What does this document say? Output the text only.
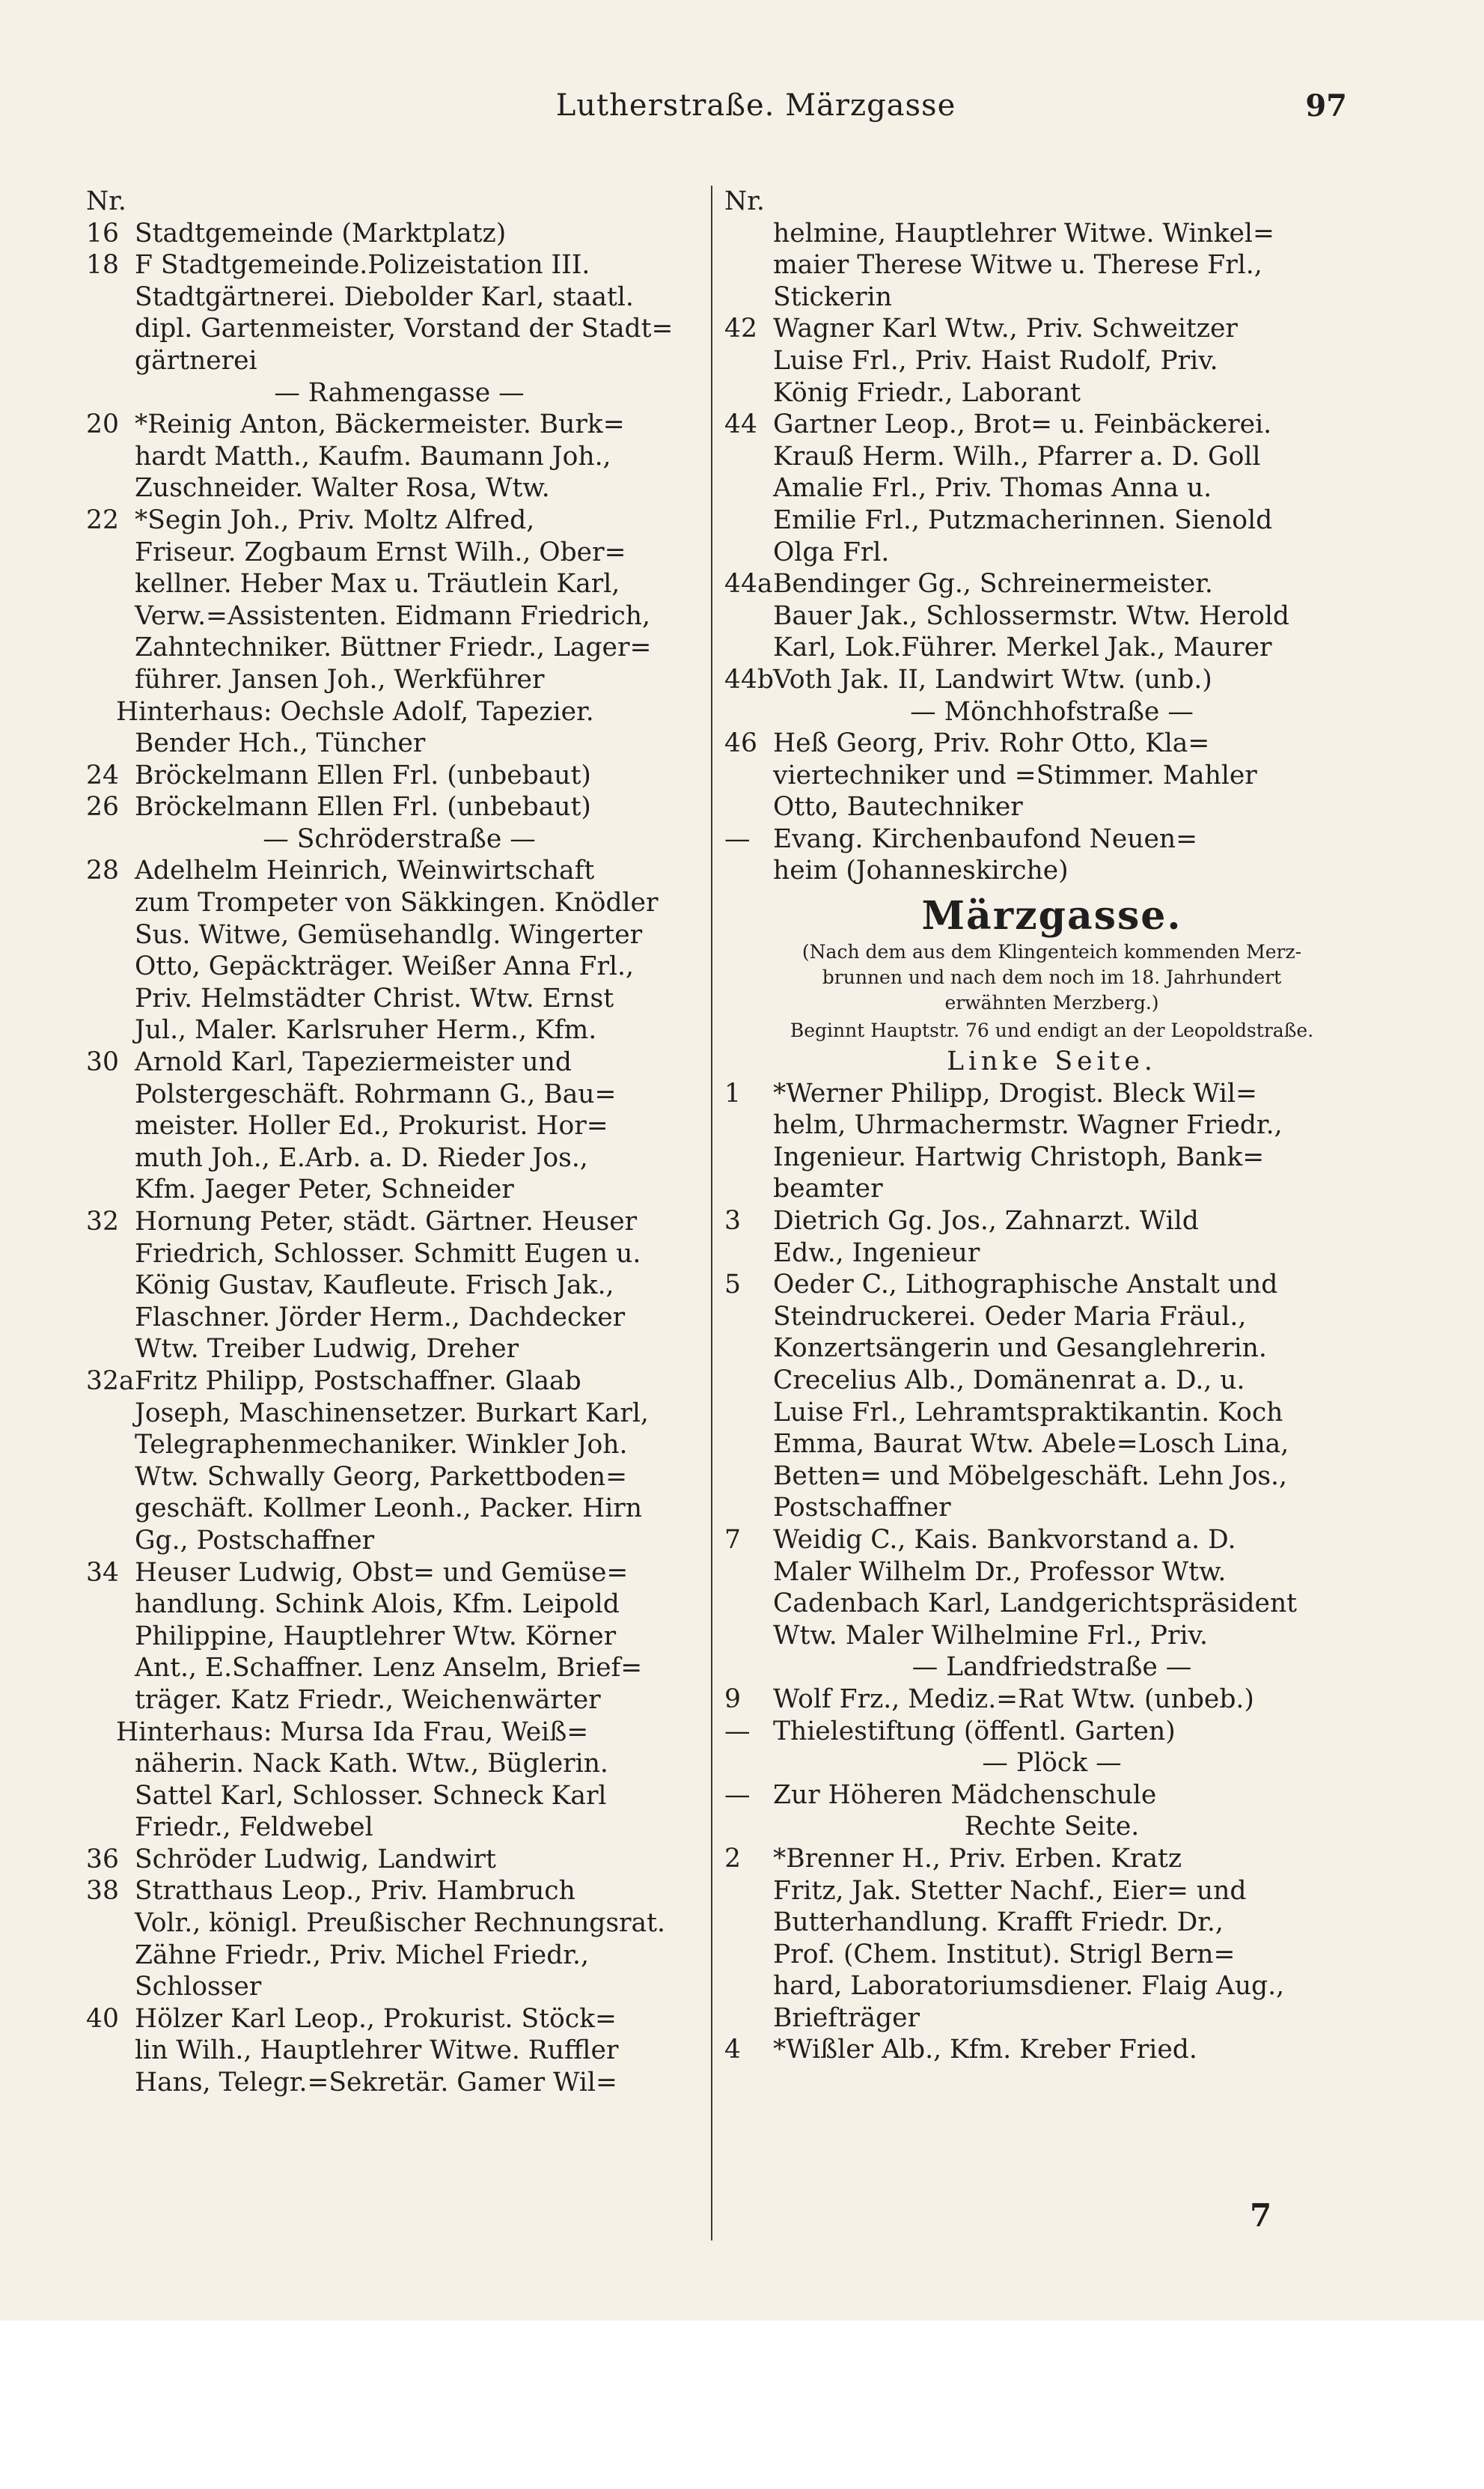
Lutherstraße. Märzgasse	97
Nr.
16 Stadtgemeinde (Marktplatz)
18 F Stadtgemeinde.Polizeistation III.
Stadtgärtnerei. Diebolder Karl, staatl.
dipl. Gartenmeister, Vorstand der Stadt=
gärtnerei
— Rahmengasse —
20 *Reinig Anton, Bäckermeister. Burk=
hardt Matth., Kaufm. Baumann Joh.,
Zuschneider. Walter Rosa, Wtw.
22 *Segin Joh., Priv. Moltz Alfred,
Friseur. Zogbaum Ernst Wilh., Ober=
kellner. Heber Max u. Träutlein Karl,
Verw.=Assistenten. Eidmann Friedrich,
Zahntechniker. Büttner Friedr., Lager=
führer. Jansen Joh., Werkführer
Hinterhaus: Oechsle Adolf, Tapezier.
Bender Hch., Tüncher
24 Bröckelmann Ellen Frl. (unbebaut)
26 Bröckelmann Ellen Frl. (unbebaut)
— Schröderstraße —
28 Adelhelm Heinrich, Weinwirtschaft
zum Trompeter von Säkkingen. Knödler
Sus. Witwe, Gemüsehandlg. Wingerter
Otto, Gepäckträger. Weißer Anna Frl.,
Priv. Helmstädter Christ. Wtw. Ernst
Jul., Maler. Karlsruher Herm., Kfm.
30 Arnold Karl, Tapeziermeister und
Polstergeschäft. Rohrmann G., Bau=
meister. Holler Ed., Prokurist. Hor=
muth Joh., E.Arb. a. D. Rieder Jos.,
Kfm. Jaeger Peter, Schneider
32 Hornung Peter, städt. Gärtner. Heuser
Friedrich, Schlosser. Schmitt Eugen u.
König Gustav, Kaufleute. Frisch Jak.,
Flaschner. Jörder Herm., Dachdecker
Wtw. Treiber Ludwig, Dreher
32aFritz Philipp, Postschaffner. Glaab
Joseph, Maschinensetzer. Burkart Karl,
Telegraphenmechaniker. Winkler Joh.
Wtw. Schwally Georg, Parkettboden=
geschäft. Kollmer Leonh., Packer. Hirn
Gg., Postschaffner
34 Heuser Ludwig, Obst= und Gemüse=
handlung. Schink Alois, Kfm. Leipold
Philippine, Hauptlehrer Wtw. Körner
Ant., E.Schaffner. Lenz Anselm, Brief=
träger. Katz Friedr., Weichenwärter
Hinterhaus: Mursa Ida Frau, Weiß=
näherin. Nack Kath. Wtw., Büglerin.
Sattel Karl, Schlosser. Schneck Karl
Friedr., Feldwebel
36 Schröder Ludwig, Landwirt
38 Stratthaus Leop., Priv. Hambruch
Volr., königl. Preußischer Rechnungsrat.
Zähne Friedr., Priv. Michel Friedr.,
Schlosser
40 Hölzer Karl Leop., Prokurist. Stöck=
lin Wilh., Hauptlehrer Witwe. Ruffler
Hans, Telegr.=Sekretär. Gamer Wil=
Nr.
helmine, Hauptlehrer Witwe. Winkel=
maier Therese Witwe u. Therese Frl.,
Stickerin
42 Wagner Karl Wtw., Priv. Schweitzer
Luise Frl., Priv. Haist Rudolf, Priv.
König Friedr., Laborant
44 Gartner Leop., Brot= u. Feinbäckerei.
Krauß Herm. Wilh., Pfarrer a. D. Goll
Amalie Frl., Priv. Thomas Anna u.
Emilie Frl., Putzmacherinnen. Sienold
Olga Frl.
44aBendinger Gg., Schreinermeister.
Bauer Jak., Schlossermstr. Wtw. Herold
Karl, Lok.Führer. Merkel Jak., Maurer
44bVoth Jak. II, Landwirt Wtw. (unb.)
— Mönchhofstraße —
46 Heß Georg, Priv. Rohr Otto, Kla=
viertechniker und =Stimmer. Mahler
Otto, Bautechniker
— Evang. Kirchenbaufond Neuen=
heim (Johanneskirche)
Märzgasse.
(Nach dem aus dem Klingenteich kommenden Merz-
brunnen und nach dem noch im 18. Jahrhundert
erwähnten Merzberg.)
Beginnt Hauptstr. 76 und endigt an der Leopoldstraße.
Linke Seite.
1 *Werner Philipp, Drogist. Bleck Wil=
helm, Uhrmachermstr. Wagner Friedr.,
Ingenieur. Hartwig Christoph, Bank=
beamter
3 Dietrich Gg. Jos., Zahnarzt. Wild
Edw., Ingenieur
5 Oeder C., Lithographische Anstalt und
Steindruckerei. Oeder Maria Fräul.,
Konzertsängerin und Gesanglehrerin.
Crecelius Alb., Domänenrat a. D., u.
Luise Frl., Lehramtspraktikantin. Koch
Emma, Baurat Wtw. Abele=Losch Lina,
Betten= und Möbelgeschäft. Lehn Jos.,
Postschaffner
7 Weidig C., Kais. Bankvorstand a. D.
Maler Wilhelm Dr., Professor Wtw.
Cadenbach Karl, Landgerichtspräsident
Wtw. Maler Wilhelmine Frl., Priv.
— Landfriedstraße —
9 Wolf Frz., Mediz.=Rat Wtw. (unbeb.)
— Thielestiftung (öffentl. Garten)
— Plöck —
— Zur Höheren Mädchenschule
Rechte Seite.
2 *Brenner H., Priv. Erben. Kratz
Fritz, Jak. Stetter Nachf., Eier= und
Butterhandlung. Krafft Friedr. Dr.,
Prof. (Chem. Institut). Strigl Bern=
hard, Laboratoriumsdiener. Flaig Aug.,
Briefträger
4 *Wißler Alb., Kfm. Kreber Fried.
7
